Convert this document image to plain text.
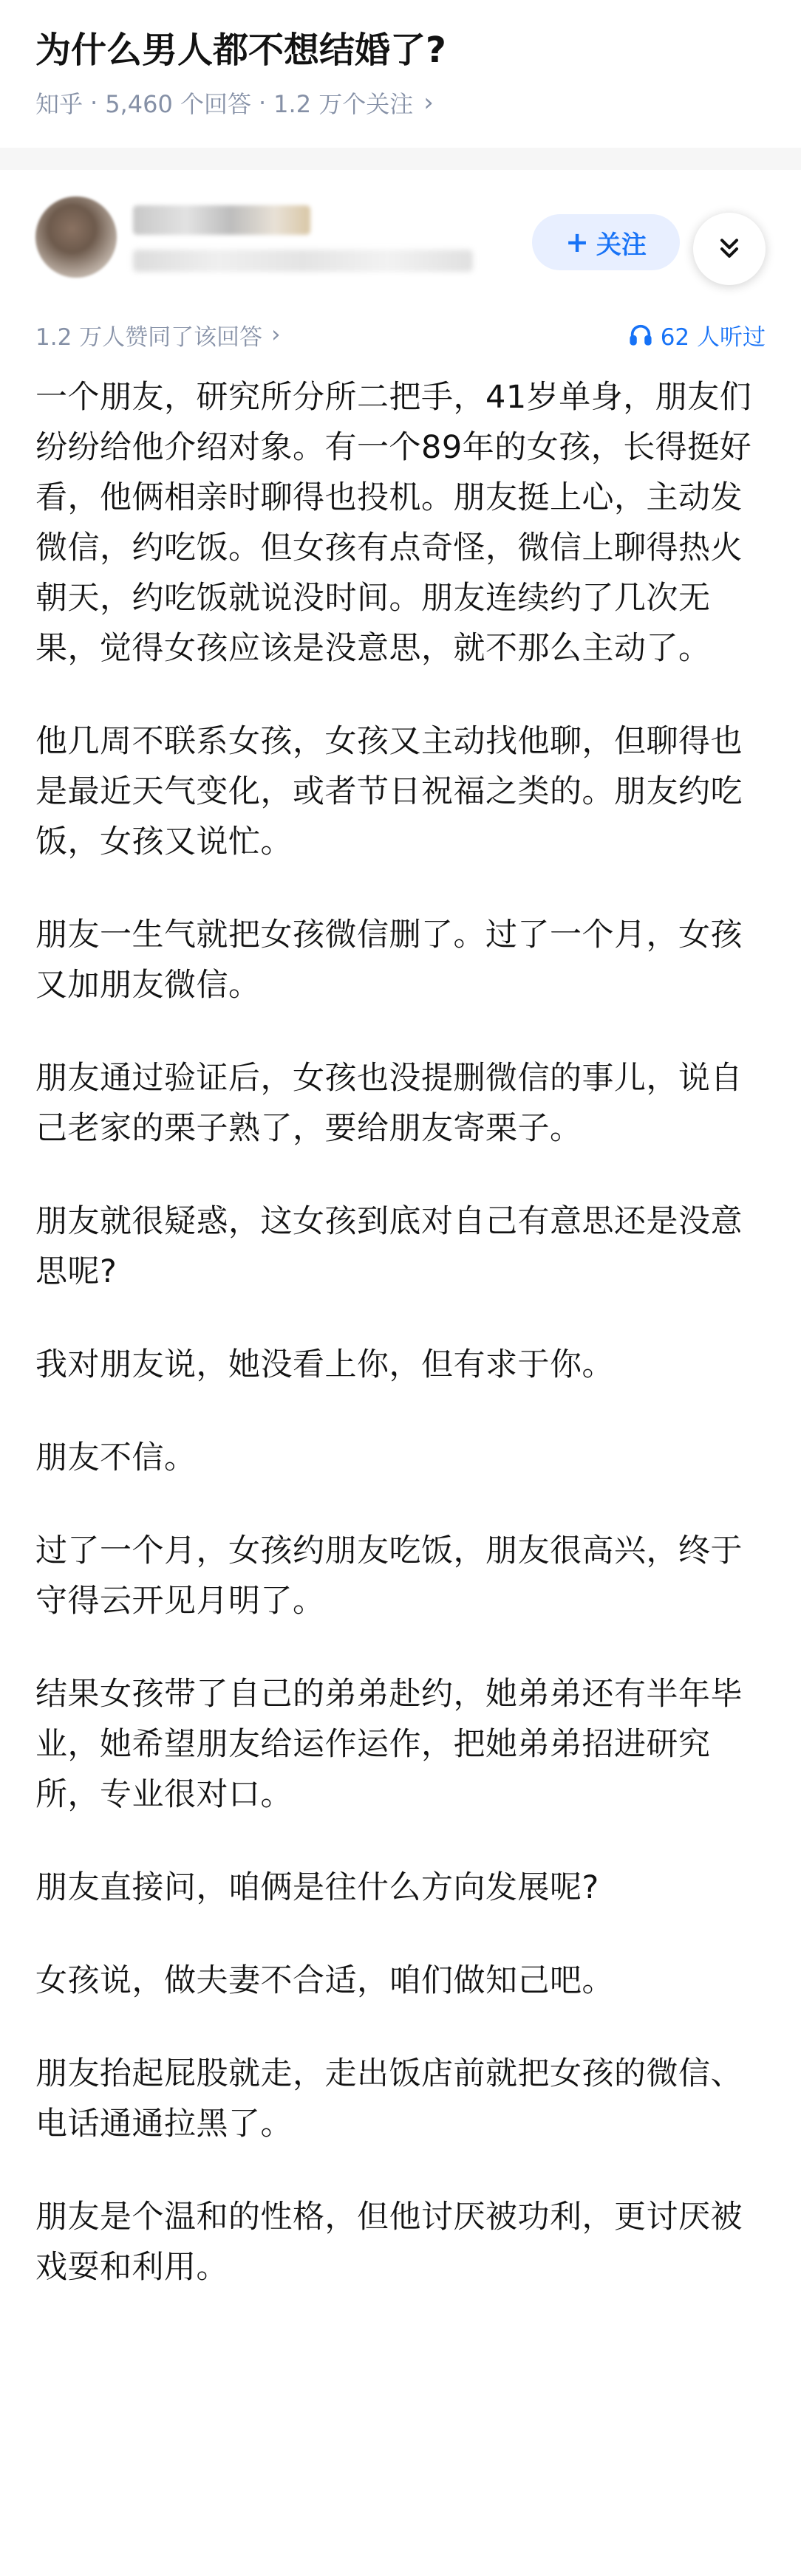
为什么男人都不想结婚了?
知乎 · 5,460 个回答 · 1.2 万个关注 ›
+ 关注
1.2 万人赞同了该回答 ›	62 人听过

一个朋友，研究所分所二把手，41岁单身，朋友们纷纷给他介绍对象。有一个89年的女孩，长得挺好看，他俩相亲时聊得也投机。朋友挺上心，主动发微信，约吃饭。但女孩有点奇怪，微信上聊得热火朝天，约吃饭就说没时间。朋友连续约了几次无果，觉得女孩应该是没意思，就不那么主动了。

他几周不联系女孩，女孩又主动找他聊，但聊得也是最近天气变化，或者节日祝福之类的。朋友约吃饭，女孩又说忙。

朋友一生气就把女孩微信删了。过了一个月，女孩又加朋友微信。

朋友通过验证后，女孩也没提删微信的事儿，说自己老家的栗子熟了，要给朋友寄栗子。

朋友就很疑惑，这女孩到底对自己有意思还是没意思呢?

我对朋友说，她没看上你，但有求于你。

朋友不信。

过了一个月，女孩约朋友吃饭，朋友很高兴，终于守得云开见月明了。

结果女孩带了自己的弟弟赴约，她弟弟还有半年毕业，她希望朋友给运作运作，把她弟弟招进研究所，专业很对口。

朋友直接问，咱俩是往什么方向发展呢?

女孩说，做夫妻不合适，咱们做知己吧。

朋友抬起屁股就走，走出饭店前就把女孩的微信、电话通通拉黑了。

朋友是个温和的性格，但他讨厌被功利，更讨厌被戏耍和利用。
